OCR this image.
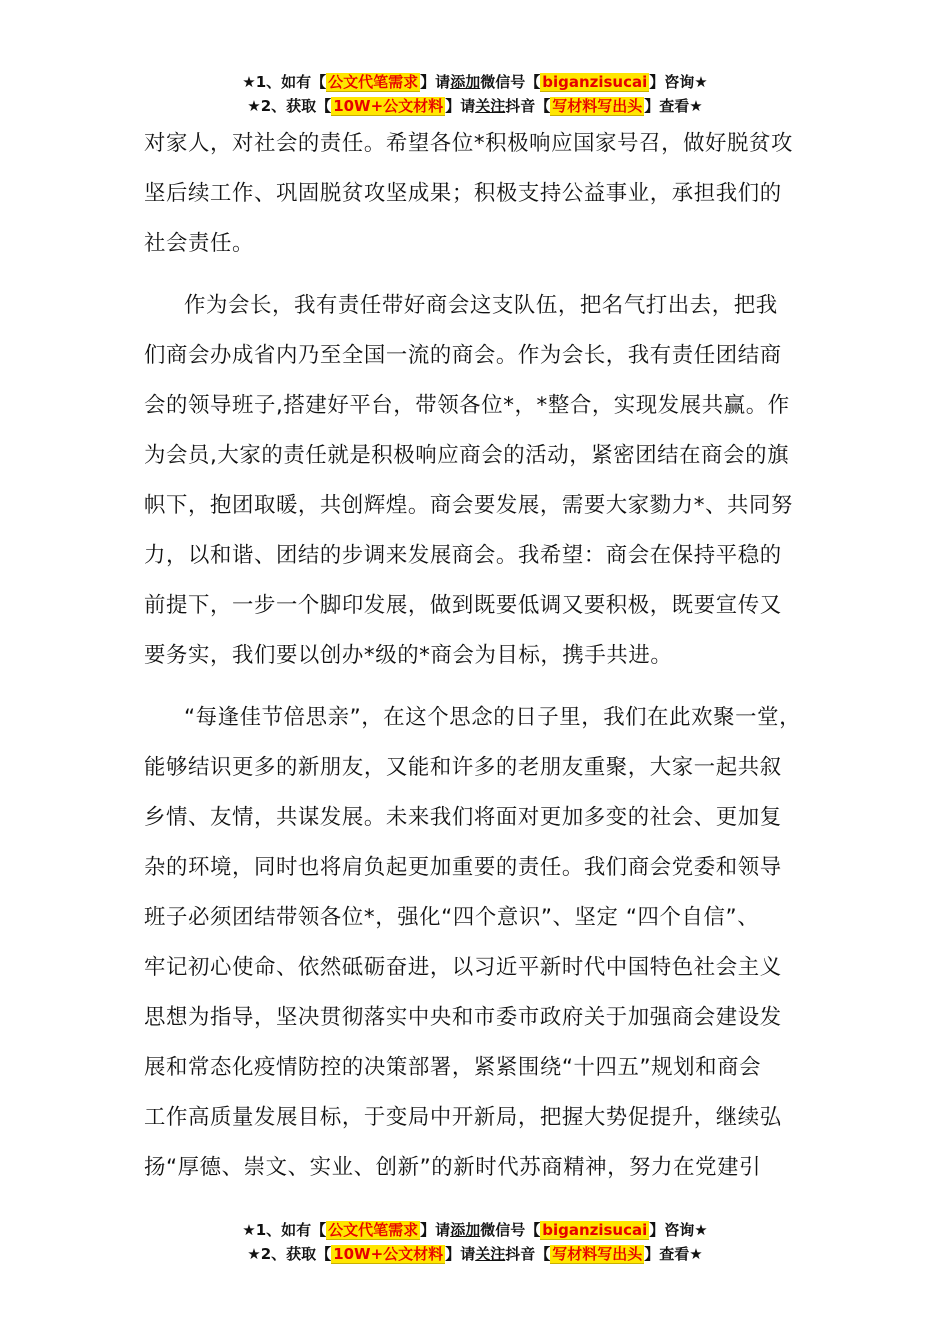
★1、如有【 公文代笔需求 】请添加微信号【 biganzisucai 】咨询★
★2、获取【 10W+公文材料 】请关注抖音【 写材料写出头 】查看★

对家人，对社会的责任。希望各位*积极响应国家号召，做好脱贫攻
坚后续工作、巩固脱贫攻坚成果；积极支持公益事业，承担我们的
社会责任。

作为会长，我有责任带好商会这支队伍，把名气打出去，把我
们商会办成省内乃至全国一流的商会。作为会长，我有责任团结商
会的领导班子,搭建好平台，带领各位*，*整合，实现发展共赢。作
为会员,大家的责任就是积极响应商会的活动，紧密团结在商会的旗
帜下，抱团取暖，共创辉煌。商会要发展，需要大家勠力*、共同努
力，以和谐、团结的步调来发展商会。我希望：商会在保持平稳的
前提下，一步一个脚印发展，做到既要低调又要积极，既要宣传又
要务实，我们要以创办*级的*商会为目标，携手共进。

“每逢佳节倍思亲”，在这个思念的日子里，我们在此欢聚一堂，
能够结识更多的新朋友，又能和许多的老朋友重聚，大家一起共叙
乡情、友情，共谋发展。未来我们将面对更加多变的社会、更加复
杂的环境，同时也将肩负起更加重要的责任。我们商会党委和领导
班子必须团结带领各位*，强化“四个意识”、坚定 “四个自信”、
牢记初心使命、依然砥砺奋进，以习近平新时代中国特色社会主义
思想为指导，坚决贯彻落实中央和市委市政府关于加强商会建设发
展和常态化疫情防控的决策部署，紧紧围绕“十四五”规划和商会
工作高质量发展目标，于变局中开新局，把握大势促提升，继续弘
扬“厚德、崇文、实业、创新”的新时代苏商精神，努力在党建引

★1、如有【 公文代笔需求 】请添加微信号【 biganzisucai 】咨询★
★2、获取【 10W+公文材料 】请关注抖音【 写材料写出头 】查看★
